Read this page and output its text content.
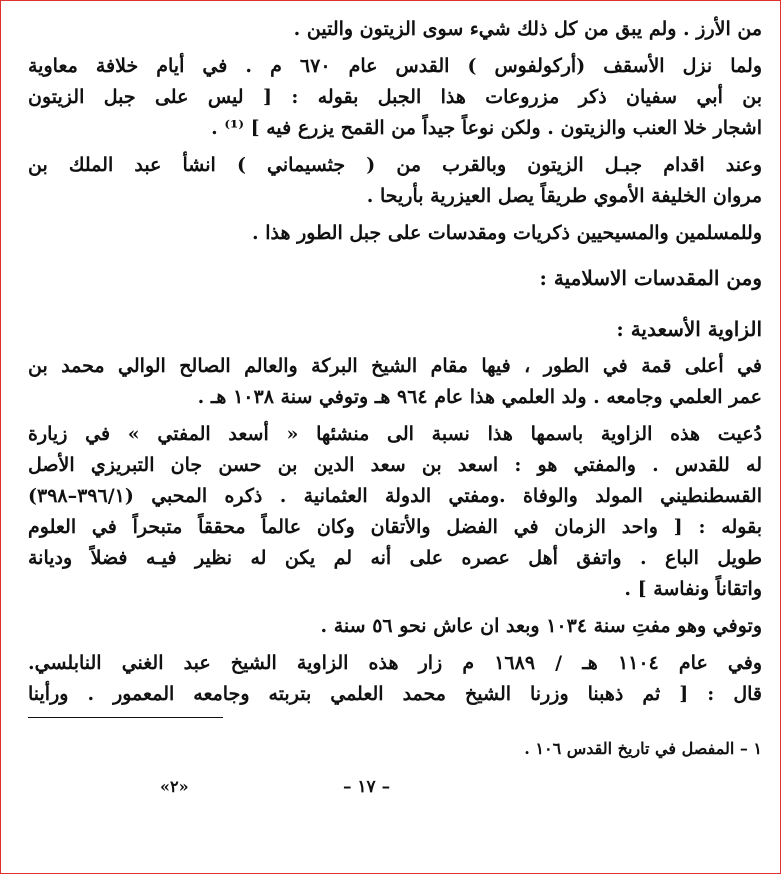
من الأرز . ولم يبق من كل ذلك شيء سوى الزيتون والتين .
ولما نزل الأسقف (أركولفوس ) القدس عام ٦٧٠ م . في أيام خلافة معاوية
بن أبي سفيان ذكر مزروعات هذا الجبل بقوله : [ ليس على جبل الزيتون
اشجار خلا العنب والزيتون . ولكن نوعاً جيداً من القمح يزرع فيه ] ⁽¹⁾ .
وعند اقدام جبـل الزيتون وبالقرب من ( جثسيماني ) انشأ عبد الملك بن
مروان الخليفة الأموي طريقاً يصل العيزرية بأريحا .
وللمسلمين والمسيحيين ذكريات ومقدسات على جبل الطور هذا .
ومن المقدسات الاسلامية :
الزاوية الأسعدية :
في أعلى قمة في الطور ، فيها مقام الشيخ البركة والعالم الصالح الوالي محمد بن
عمر العلمي وجامعه . ولد العلمي هذا عام ٩٦٤ هـ وتوفي سنة ١٠٣٨ هـ .
دُعيت هذه الزاوية باسمها هذا نسبة الى منشئها « أسعد المفتي » في زيارة
له للقدس . والمفتي هو : اسعد بن سعد الدين بن حسن جان التبريزي الأصل
القسطنطيني المولد والوفاة .ومفتي الدولة العثمانية . ذكره المحبي (٣٩٦/١–٣٩٨)
بقوله : [ واحد الزمان في الفضل والأتقان وكان عالماً محققاً متبحراً في العلوم
طويل الباع . واتفق أهل عصره على أنه لم يكن له نظير فيـه فضلاً وديانة
واتقاناً ونفاسة ] .
وتوفي وهو مفتِ سنة ١٠٣٤ وبعد ان عاش نحو ٥٦ سنة .
وفي عام ١١٠٤ هـ / ١٦٨٩ م زار هذه الزاوية الشيخ عبد الغني النابلسي.
قال : [ ثم ذهبنا وزرنا الشيخ محمد العلمي بتربته وجامعه المعمور . ورأينا
١ – المفصل في تاريخ القدس ١٠٦ .
– ١٧ –
«٢»
